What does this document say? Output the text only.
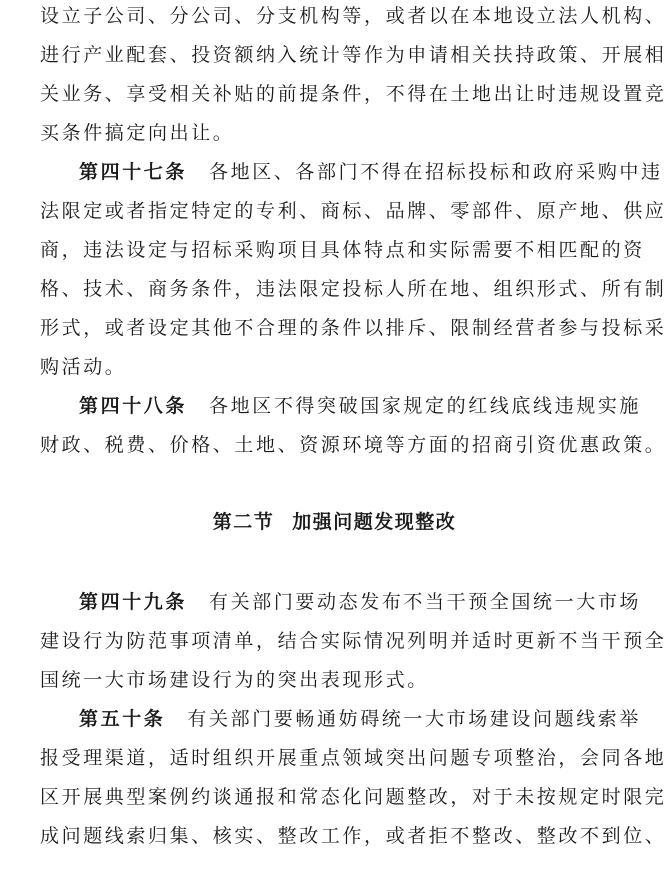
设立子公司、分公司、分支机构等，或者以在本地设立法人机构、
进行产业配套、投资额纳入统计等作为申请相关扶持政策、开展相
关业务、享受相关补贴的前提条件，不得在土地出让时违规设置竞
买条件搞定向出让。
第四十七条 各地区、各部门不得在招标投标和政府采购中违
法限定或者指定特定的专利、商标、品牌、零部件、原产地、供应
商，违法设定与招标采购项目具体特点和实际需要不相匹配的资
格、技术、商务条件，违法限定投标人所在地、组织形式、所有制
形式，或者设定其他不合理的条件以排斥、限制经营者参与投标采
购活动。
第四十八条 各地区不得突破国家规定的红线底线违规实施
财政、税费、价格、土地、资源环境等方面的招商引资优惠政策。
第二节 加强问题发现整改
第四十九条 有关部门要动态发布不当干预全国统一大市场
建设行为防范事项清单，结合实际情况列明并适时更新不当干预全
国统一大市场建设行为的突出表现形式。
第五十条 有关部门要畅通妨碍统一大市场建设问题线索举
报受理渠道，适时组织开展重点领域突出问题专项整治，会同各地
区开展典型案例约谈通报和常态化问题整改，对于未按规定时限完
成问题线索归集、核实、整改工作，或者拒不整改、整改不到位、
